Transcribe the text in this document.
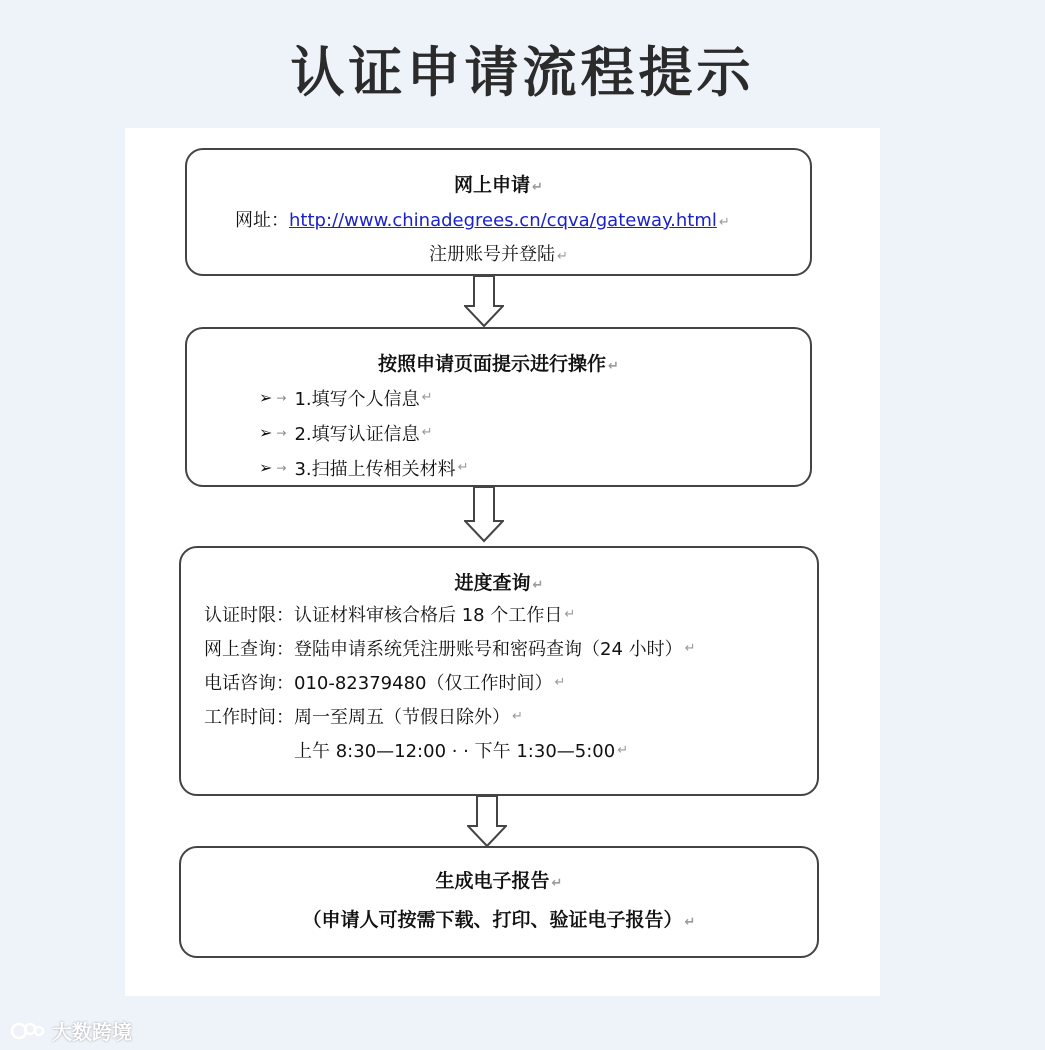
认证申请流程提示
网上申请 ↵
网址：http://www.chinadegrees.cn/cqva/gateway.html ↵
注册账号并登陆 ↵
按照申请页面提示进行操作 ↵
➢ → 1.填写个人信息 ↵
➢ → 2.填写认证信息 ↵
➢ → 3.扫描上传相关材料 ↵
进度查询 ↵
认证时限： 认证材料审核合格后 18 个工作日 ↵
网上查询： 登陆申请系统凭注册账号和密码查询（24 小时） ↵
电话咨询： 010-82379480（仅工作时间） ↵
工作时间： 周一至周五（节假日除外） ↵
上午 8:30—12:00 · · 下午 1:30—5:00 ↵
生成电子报告 ↵
（申请人可按需下载、打印、验证电子报告） ↵
大数跨境
